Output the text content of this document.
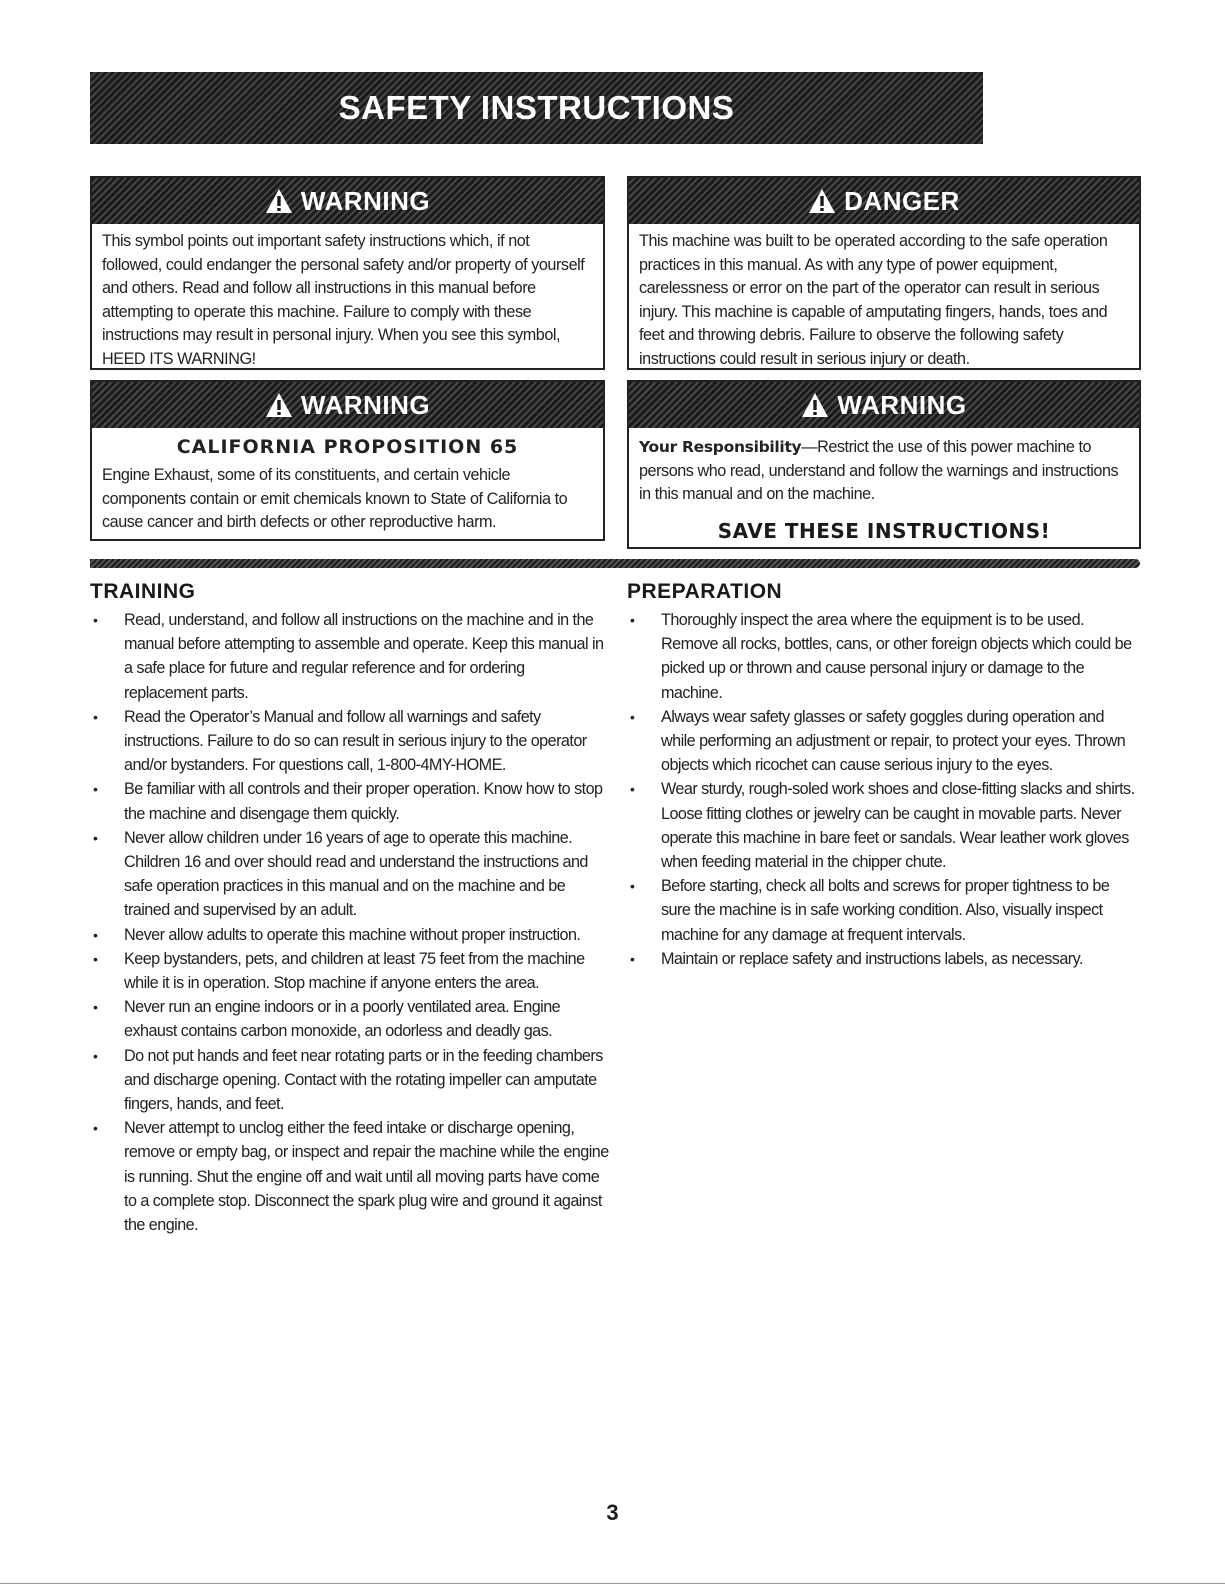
SAFETY INSTRUCTIONS
WARNING
This symbol points out important safety instructions which, if not followed, could endanger the personal safety and/or property of yourself and others. Read and follow all instructions in this manual before attempting to operate this machine. Failure to comply with these instructions may result in personal injury. When you see this symbol, HEED ITS WARNING!
DANGER
This machine was built to be operated according to the safe operation practices in this manual. As with any type of power equipment, carelessness or error on the part of the operator can result in serious injury. This machine is capable of amputating fingers, hands, toes and feet and throwing debris. Failure to observe the following safety instructions could result in serious injury or death.
WARNING
CALIFORNIA PROPOSITION 65
Engine Exhaust, some of its constituents, and certain vehicle components contain or emit chemicals known to State of California to cause cancer and birth defects or other reproductive harm.
WARNING
Your Responsibility—Restrict the use of this power machine to persons who read, understand and follow the warnings and instructions in this manual and on the machine.
SAVE THESE INSTRUCTIONS!
TRAINING
• Read, understand, and follow all instructions on the machine and in the manual before attempting to assemble and operate. Keep this manual in a safe place for future and regular reference and for ordering replacement parts.
• Read the Operator’s Manual and follow all warnings and safety instructions. Failure to do so can result in serious injury to the operator and/or bystanders. For questions call, 1-800-4MY-HOME.
• Be familiar with all controls and their proper operation. Know how to stop the machine and disengage them quickly.
• Never allow children under 16 years of age to operate this machine. Children 16 and over should read and understand the instructions and safe operation practices in this manual and on the machine and be trained and supervised by an adult.
• Never allow adults to operate this machine without proper instruction.
• Keep bystanders, pets, and children at least 75 feet from the machine while it is in operation. Stop machine if anyone enters the area.
• Never run an engine indoors or in a poorly ventilated area. Engine exhaust contains carbon monoxide, an odorless and deadly gas.
• Do not put hands and feet near rotating parts or in the feeding chambers and discharge opening. Contact with the rotating impeller can amputate fingers, hands, and feet.
• Never attempt to unclog either the feed intake or discharge opening, remove or empty bag, or inspect and repair the machine while the engine is running. Shut the engine off and wait until all moving parts have come to a complete stop. Disconnect the spark plug wire and ground it against the engine.
PREPARATION
• Thoroughly inspect the area where the equipment is to be used. Remove all rocks, bottles, cans, or other foreign objects which could be picked up or thrown and cause personal injury or damage to the machine.
• Always wear safety glasses or safety goggles during operation and while performing an adjustment or repair, to protect your eyes. Thrown objects which ricochet can cause serious injury to the eyes.
• Wear sturdy, rough-soled work shoes and close-fitting slacks and shirts. Loose fitting clothes or jewelry can be caught in movable parts. Never operate this machine in bare feet or sandals. Wear leather work gloves when feeding material in the chipper chute.
• Before starting, check all bolts and screws for proper tightness to be sure the machine is in safe working condition. Also, visually inspect machine for any damage at frequent intervals.
• Maintain or replace safety and instructions labels, as necessary.
3
